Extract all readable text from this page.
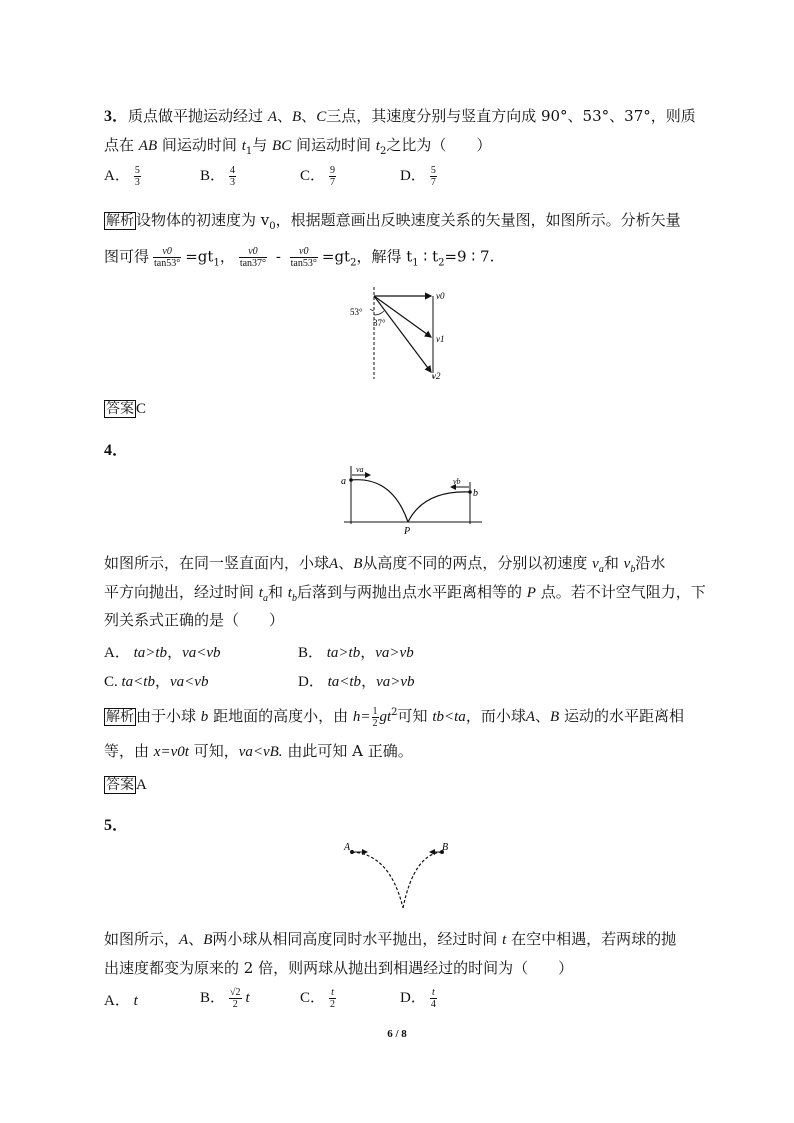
3．质点做平抛运动经过 A、B、C三点，其速度分别与竖直方向成 90°、53°、37°，则质
点在 AB 间运动时间 $t_1$与 BC 间运动时间 $t_2$之比为（　　）
A． $\frac{5}{3}$	B． $\frac{4}{3}$	C． $\frac{9}{7}$	D． $\frac{5}{7}$
解析 设物体的初速度为 $v_0$，根据题意画出反映速度关系的矢量图，如图所示。分析矢量
图可得 $\frac{v0}{\tan 53^\circ} =gt_1$， $\frac{v0}{\tan 37^\circ} - \frac{v0}{\tan 53^\circ} =gt_2$，解得 $t_1$ ∶ $t_2=9$ ∶ 7.
v0
v1
v2
53°
37°
答案 C
4．
a
b
P
va
vb
如图所示，在同一竖直面内，小球A、B从高度不同的两点，分别以初速度 $v_a$和 $v_b$沿水
平方向抛出，经过时间 $t_a$和 $t_b$后落到与两抛出点水平距离相等的 P 点。若不计空气阻力，下
列关系式正确的是（　　）
A． ta>tb，va<vb	B． ta>tb，va>vb
C. ta<tb，va<vb	D． ta<tb，va>vb
解析 由于小球 b 距地面的高度小，由 $h= \frac{1}{2} gt^2$可知 tb<ta，而小球A、B 运动的水平距离相
等，由 x=v0t 可知，va<vB. 由此可知 A 正确。
答案 A
5．
A	B
如图所示，A、B两小球从相同高度同时水平抛出，经过时间 t 在空中相遇，若两球的抛
出速度都变为原来的 2 倍，则两球从抛出到相遇经过的时间为（　　）
A． t	B． $\frac{√2}{2}$ t	C． $\frac{t}{2}$	D． $\frac{t}{4}$
6 / 8
